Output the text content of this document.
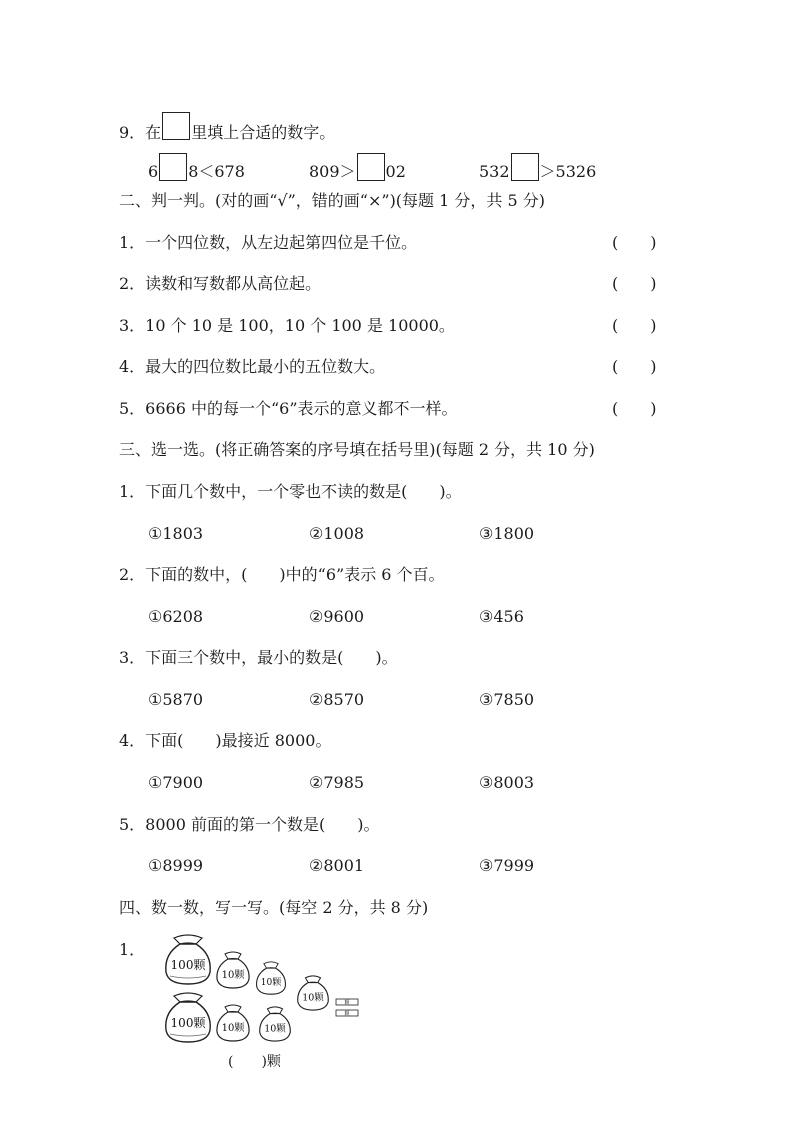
9．在 里填上合适的数字。
6 8＜678	809＞ 02	532 ＞5326
二、判一判。(对的画“√”，错的画“×”)(每题 1 分，共 5 分)
1．一个四位数，从左边起第四位是千位。	(　　)
2．读数和写数都从高位起。	(　　)
3．10 个 10 是 100，10 个 100 是 10000。	(　　)
4．最大的四位数比最小的五位数大。	(　　)
5．6666 中的每一个“6”表示的意义都不一样。	(　　)
三、选一选。(将正确答案的序号填在括号里)(每题 2 分，共 10 分)
1．下面几个数中，一个零也不读的数是(　　)。
①1803	②1008	③1800
2．下面的数中，(　　)中的“6”表示 6 个百。
①6208	②9600	③456
3．下面三个数中，最小的数是(　　)。
①5870	②8570	③7850
4．下面(　　)最接近 8000。
①7900	②7985	③8003
5．8000 前面的第一个数是(　　)。
①8999	②8001	③7999
四、数一数，写一写。(每空 2 分，共 8 分)
1．
100颗
100颗
10颗
10颗
10颗
10颗 10颗
颗
颗
(　　)颗
